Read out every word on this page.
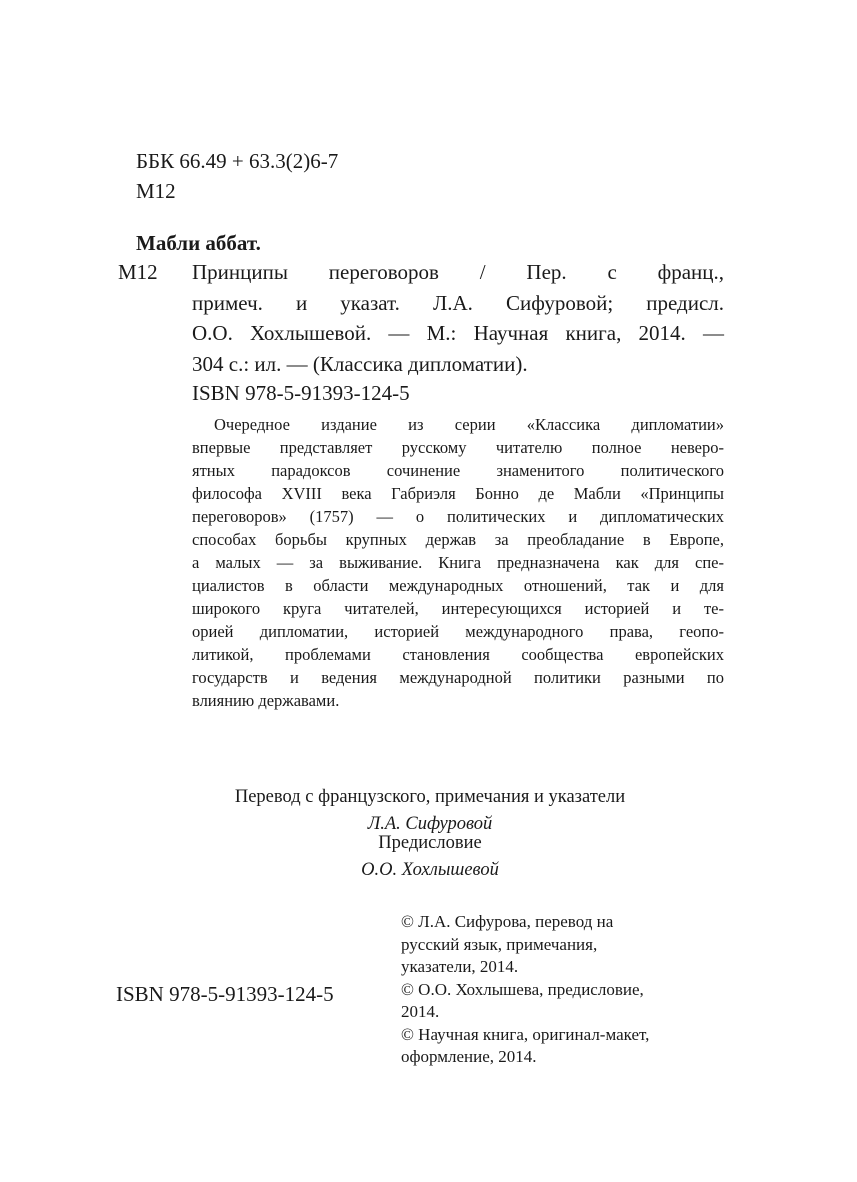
ББК 66.49 + 63.3(2)6-7
М12
Мабли аббат.
М12 Принципы переговоров / Пер. с франц.,
примеч. и указат. Л.А. Сифуровой; предисл.
О.О. Хохлышевой. — М.: Научная книга, 2014. —
304 с.: ил. — (Классика дипломатии).
ISBN 978-5-91393-124-5
Очередное издание из серии «Классика дипломатии»
впервые представляет русскому читателю полное неверо-
ятных парадоксов сочинение знаменитого политического
философа XVIII века Габриэля Бонно де Мабли «Принципы
переговоров» (1757) — о политических и дипломатических
способах борьбы крупных держав за преобладание в Европе,
а малых — за выживание. Книга предназначена как для спе-
циалистов в области международных отношений, так и для
широкого круга читателей, интересующихся историей и те-
орией дипломатии, историей международного права, геопо-
литикой, проблемами становления сообщества европейских
государств и ведения международной политики разными по
влиянию державами.
Перевод с французского, примечания и указатели
Л.А. Сифуровой
Предисловие
О.О. Хохлышевой
ISBN 978-5-91393-124-5
© Л.А. Сифурова, перевод на
русский язык, примечания,
указатели, 2014.
© О.О. Хохлышева, предисловие,
2014.
© Научная книга, оригинал-макет,
оформление, 2014.
